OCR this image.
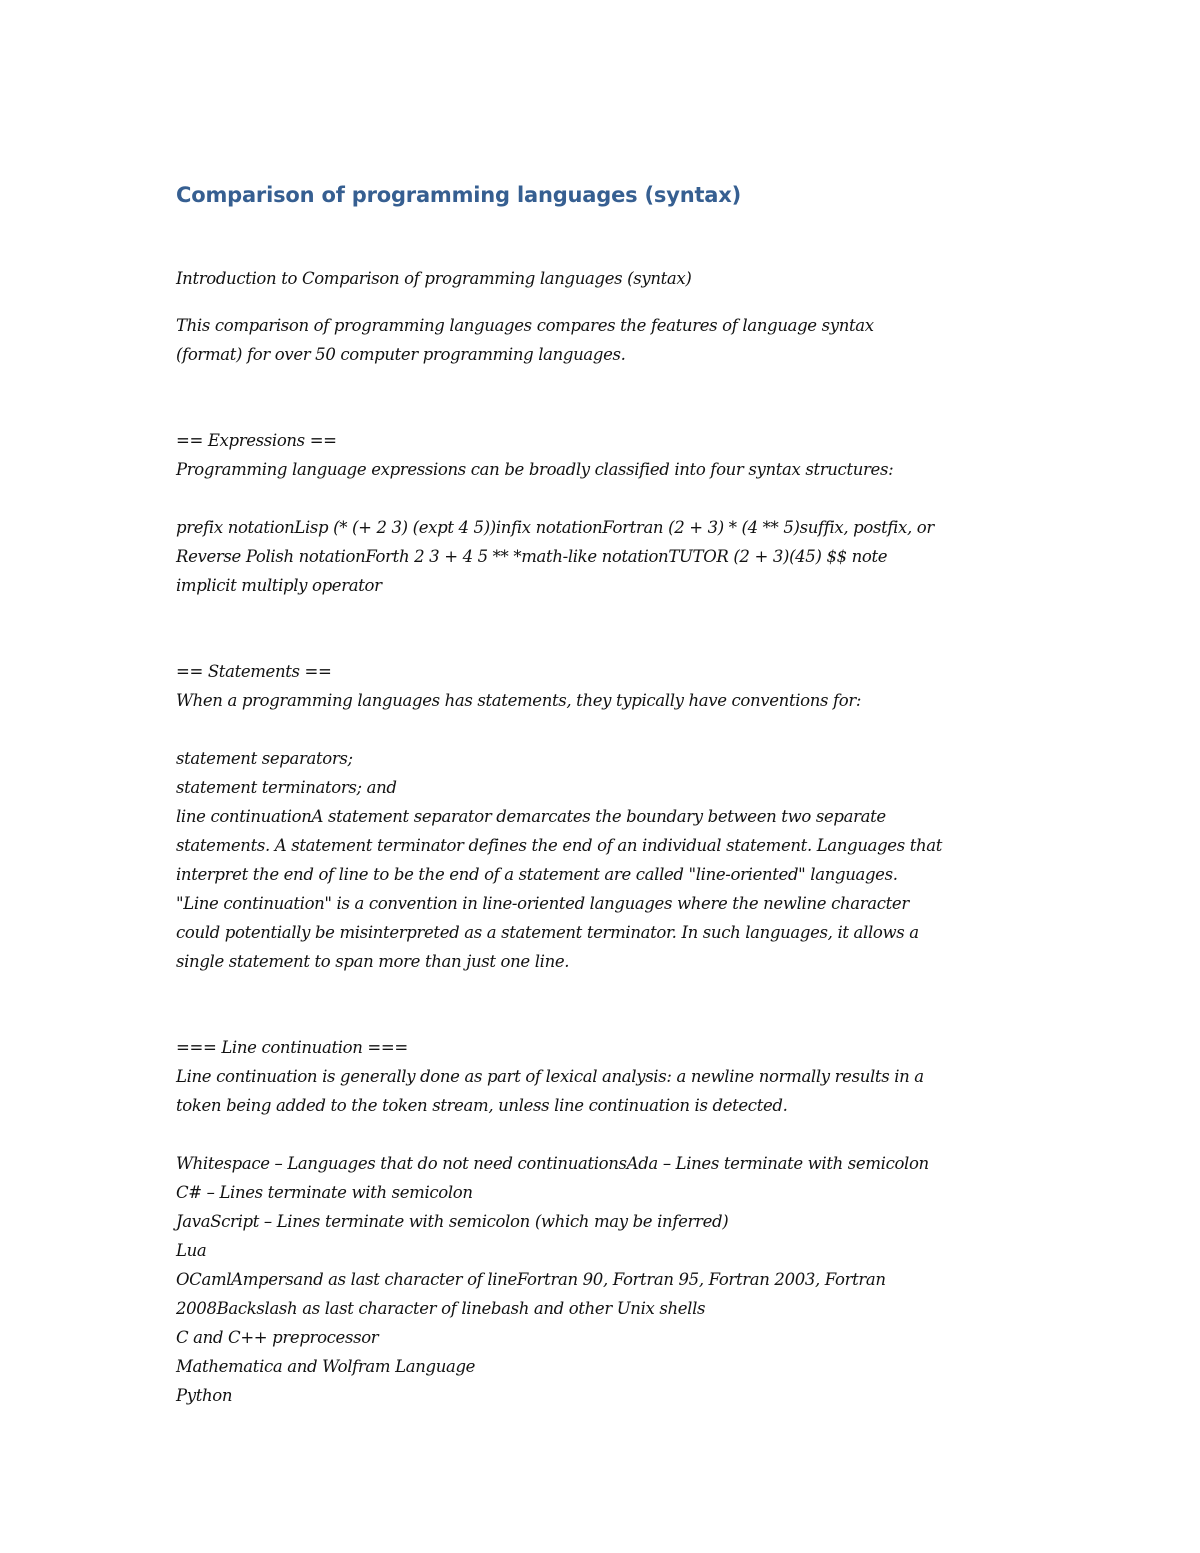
Comparison of programming languages (syntax)
Introduction to Comparison of programming languages (syntax)
This comparison of programming languages compares the features of language syntax
(format) for over 50 computer programming languages.
== Expressions ==
Programming language expressions can be broadly classified into four syntax structures:
prefix notationLisp (* (+ 2 3) (expt 4 5))infix notationFortran (2 + 3) * (4 ** 5)suffix, postfix, or
Reverse Polish notationForth 2 3 + 4 5 ** *math-like notationTUTOR (2 + 3)(45) $$ note
implicit multiply operator
== Statements ==
When a programming languages has statements, they typically have conventions for:
statement separators;
statement terminators; and
line continuationA statement separator demarcates the boundary between two separate
statements. A statement terminator defines the end of an individual statement. Languages that
interpret the end of line to be the end of a statement are called "line-oriented" languages.
"Line continuation" is a convention in line-oriented languages where the newline character
could potentially be misinterpreted as a statement terminator. In such languages, it allows a
single statement to span more than just one line.
=== Line continuation ===
Line continuation is generally done as part of lexical analysis: a newline normally results in a
token being added to the token stream, unless line continuation is detected.
Whitespace – Languages that do not need continuationsAda – Lines terminate with semicolon
C# – Lines terminate with semicolon
JavaScript – Lines terminate with semicolon (which may be inferred)
Lua
OCamlAmpersand as last character of lineFortran 90, Fortran 95, Fortran 2003, Fortran
2008Backslash as last character of linebash and other Unix shells
C and C++ preprocessor
Mathematica and Wolfram Language
Python
